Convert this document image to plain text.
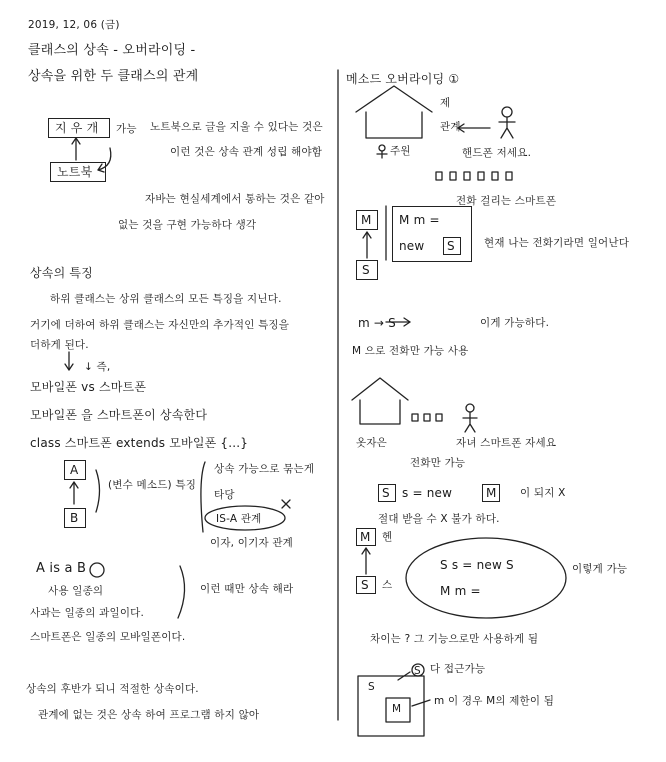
2019, 12, 06 (금)
클래스의 상속 - 오버라이딩 -
상속을 위한 두 클래스의 관계
지 우 개 가능
노트북
노트북으로 글을 지울 수 있다는 것은
이런 것은 상속 관계 성립 해야함
자바는 현실세계에서 통하는 것은 같아
없는 것을 구현 가능하다 생각
상속의 특징
하위 클래스는 상위 클래스의 모든 특징을 지닌다.
거기에 더하여 하위 클래스는 자신만의 추가적인 특징을
더하게 된다.
↓ 즉,
모바일폰 vs 스마트폰
모바일폰 을 스마트폰이 상속한다
class 스마트폰 extends 모바일폰 {...}
A
B
(변수 메소드) 특징
상속 가능으로 묶는게
타당
IS-A 관계
이자, 이기자 관계
A is a B
사용 일종의
사과는 일종의 과일이다.
스마트폰은 일종의 모바일폰이다.
이런 때만 상속 해라
상속의 후반가 되니 적절한 상속이다.
관계에 없는 것은 상속 하여 프로그램 하지 않아
메소드 오버라이딩 ①
제
관계
주원	핸드폰 저세요.
전화 걸리는 스마트폰
M
S
M m =
new S	현재 나는 전화기라면 일어난다
m → S	이게 가능하다.
M 으로 전화만 가능 사용
옷자은	자녀 스마트폰 자세요
전화만 가능
S s = new	M 이 되지 X
절대 받을 수 X 불가 하다.
M 헨
S 스
S s = new S
M m =
이렇게 가능
차이는 ? 그 기능으로만 사용하게 됨
S 다 접근가능
S
M
m 이 경우 M의 제한이 됨
